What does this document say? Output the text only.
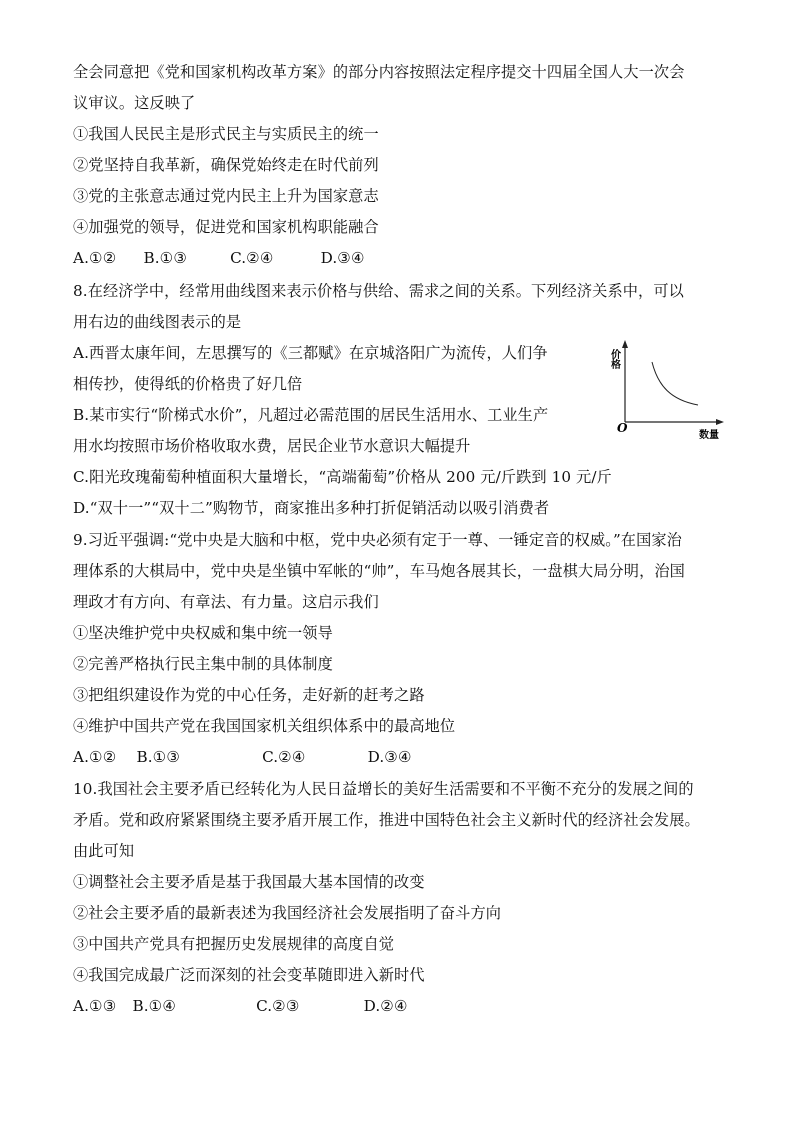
全会同意把《党和国家机构改革方案》的部分内容按照法定程序提交十四届全国人大一次会
议审议。这反映了
①我国人民民主是形式民主与实质民主的统一
②党坚持自我革新，确保党始终走在时代前列
③党的主张意志通过党内民主上升为国家意志
④加强党的领导，促进党和国家机构职能融合
A.①② B.①③	C.②④	D.③④
8.在经济学中，经常用曲线图来表示价格与供给、需求之间的关系。下列经济关系中，可以
用右边的曲线图表示的是
A.西晋太康年间，左思撰写的《三都赋》在京城洛阳广为流传，人们争
相传抄，使得纸的价格贵了好几倍
B.某市实行“阶梯式水价”，凡超过必需范围的居民生活用水、工业生产
用水均按照市场价格收取水费，居民企业节水意识大幅提升
C.阳光玫瑰葡萄种植面积大量增长，“高端葡萄”价格从 200 元/斤跌到 10 元/斤
D.“双十一”“双十二”购物节，商家推出多种打折促销活动以吸引消费者
价
格
O
数量
9.习近平强调:“党中央是大脑和中枢，党中央必须有定于一尊、一锤定音的权威。”在国家治
理体系的大棋局中，党中央是坐镇中军帐的“帅”，车马炮各展其长，一盘棋大局分明，治国
理政才有方向、有章法、有力量。这启示我们
①坚决维护党中央权威和集中统一领导
②完善严格执行民主集中制的具体制度
③把组织建设作为党的中心任务，走好新的赶考之路
④维护中国共产党在我国国家机关组织体系中的最高地位
A.①② B.①③	C.②④	D.③④
10.我国社会主要矛盾已经转化为人民日益增长的美好生活需要和不平衡不充分的发展之间的
矛盾。党和政府紧紧围绕主要矛盾开展工作，推进中国特色社会主义新时代的经济社会发展。
由此可知
①调整社会主要矛盾是基于我国最大基本国情的改变
②社会主要矛盾的最新表述为我国经济社会发展指明了奋斗方向
③中国共产党具有把握历史发展规律的高度自觉
④我国完成最广泛而深刻的社会变革随即进入新时代
A.①③ B.①④	C.②③	D.②④
